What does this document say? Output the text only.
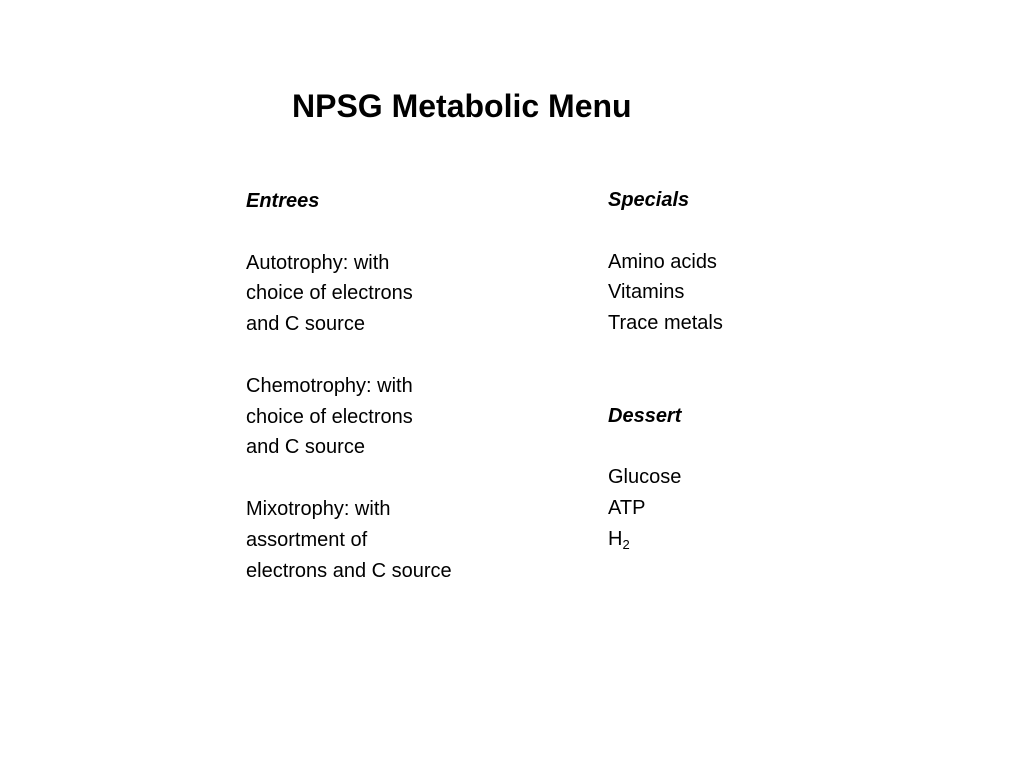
NPSG Metabolic Menu
Entrees
Autotrophy: with
choice of electrons
and C source
Chemotrophy: with
choice of electrons
and C source
Mixotrophy: with
assortment of
electrons and C source
Specials
Amino acids
Vitamins
Trace metals
Dessert
Glucose
ATP
$H_2$
